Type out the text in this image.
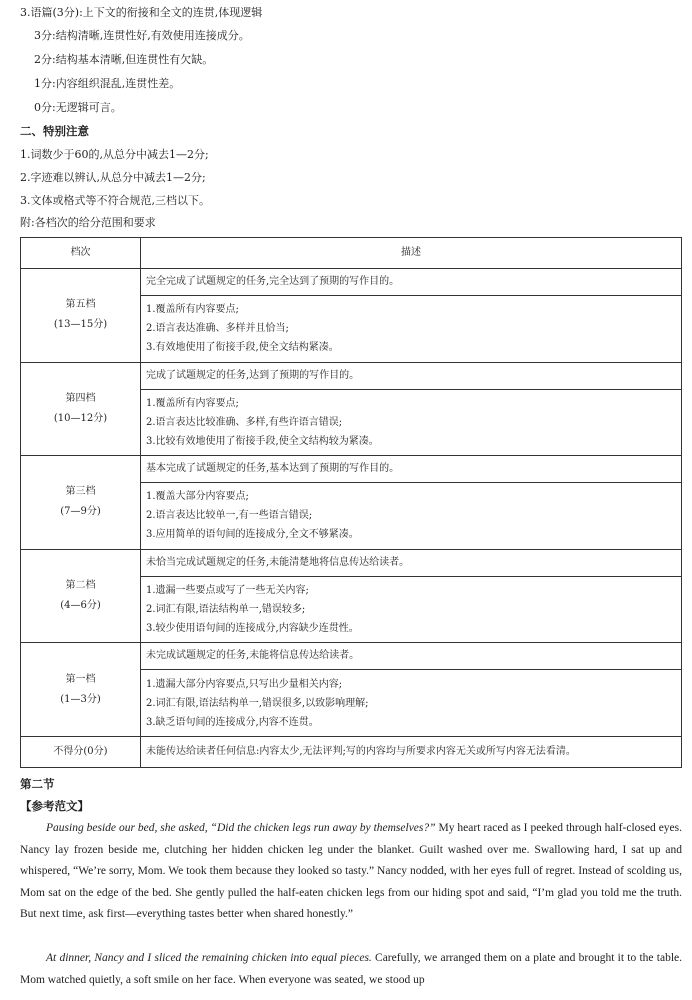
3.语篇(3分):上下文的衔接和全文的连贯,体现逻辑
3分:结构清晰,连贯性好,有效使用连接成分。
2分:结构基本清晰,但连贯性有欠缺。
1分:内容组织混乱,连贯性差。
0分:无逻辑可言。
二、特别注意
1.词数少于60的,从总分中减去1—2分;
2.字迹难以辨认,从总分中减去1—2分;
3.文体或格式等不符合规范,三档以下。
附:各档次的给分范围和要求
档次	描述

第五档
(13—15分)	完全完成了试题规定的任务,完全达到了预期的写作目的。

	1.覆盖所有内容要点;
2.语言表达准确、多样并且恰当;
3.有效地使用了衔接手段,使全文结构紧凑。

第四档
(10—12分)	完成了试题规定的任务,达到了预期的写作目的。

	1.覆盖所有内容要点;
2.语言表达比较准确、多样,有些许语言错误;
3.比较有效地使用了衔接手段,使全文结构较为紧凑。

第三档
(7—9分)	基本完成了试题规定的任务,基本达到了预期的写作目的。

	1.覆盖大部分内容要点;
2.语言表达比较单一,有一些语言错误;
3.应用简单的语句间的连接成分,全文不够紧凑。

第二档
(4—6分)	未恰当完成试题规定的任务,未能清楚地将信息传达给读者。

	1.遗漏一些要点或写了一些无关内容;
2.词汇有限,语法结构单一,错误较多;
3.较少使用语句间的连接成分,内容缺少连贯性。

第一档
(1—3分)	未完成试题规定的任务,未能将信息传达给读者。

	1.遗漏大部分内容要点,只写出少量相关内容;
2.词汇有限,语法结构单一,错误很多,以致影响理解;
3.缺乏语句间的连接成分,内容不连贯。

不得分(0分)	未能传达给读者任何信息:内容太少,无法评判;写的内容均与所要求内容无关或所写内容无法看清。
第二节
【参考范文】
Pausing beside our bed, she asked, “Did the chicken legs run away by themselves?” My heart raced as I peeked through half-closed eyes. Nancy lay frozen beside me, clutching her hidden chicken leg under the blanket. Guilt washed over me. Swallowing hard, I sat up and whispered, “We’re sorry, Mom. We took them because they looked so tasty.” Nancy nodded, with her eyes full of regret. Instead of scolding us, Mom sat on the edge of the bed. She gently pulled the half-eaten chicken legs from our hiding spot and said, “I’m glad you told me the truth. But next time, ask first—everything tastes better when shared honestly.”
At dinner, Nancy and I sliced the remaining chicken into equal pieces. Carefully, we arranged them on a plate and brought it to the table. Mom watched quietly, a soft smile on her face. When everyone was seated, we stood up
